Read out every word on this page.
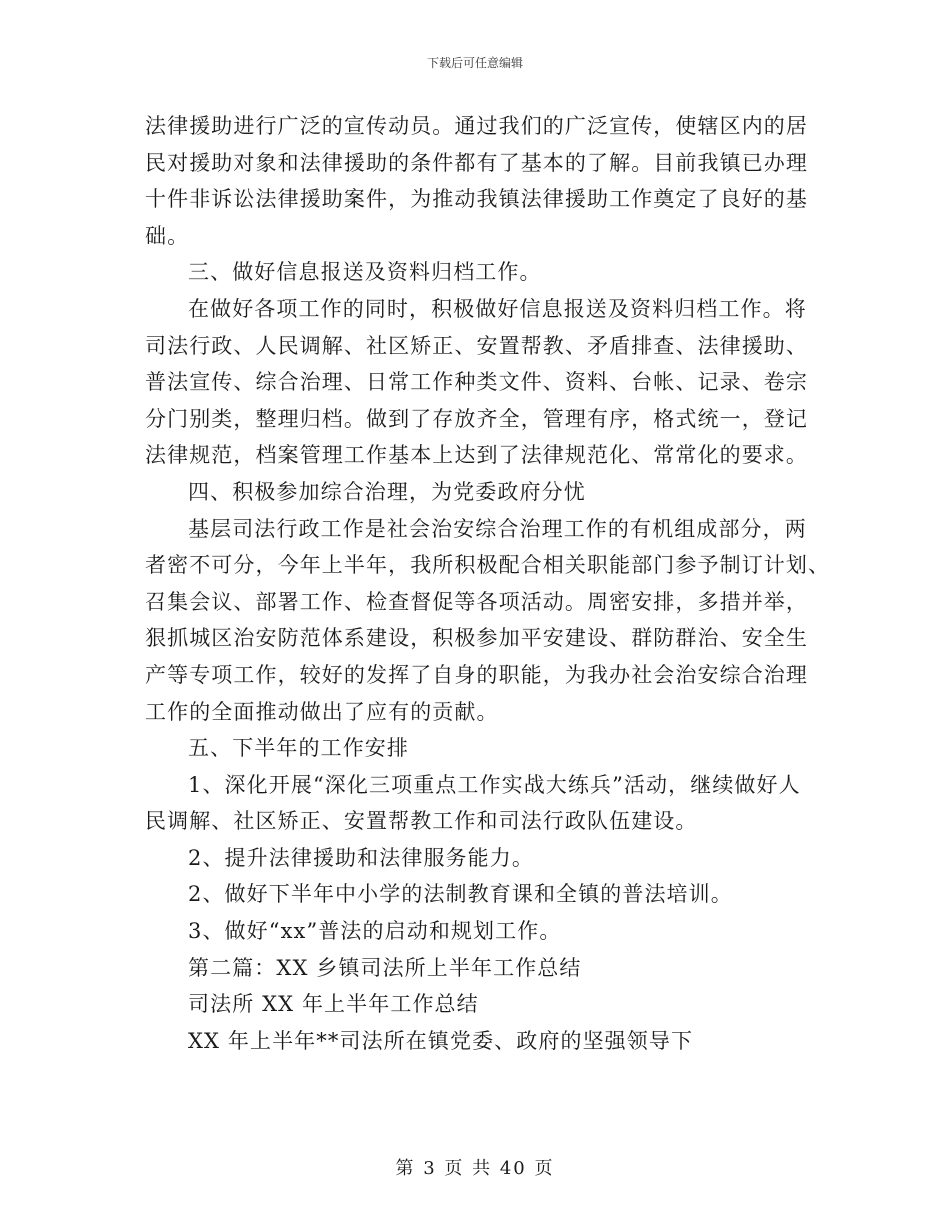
下载后可任意编辑
法律援助进行广泛的宣传动员。通过我们的广泛宣传，使辖区内的居
民对援助对象和法律援助的条件都有了基本的了解。目前我镇已办理
十件非诉讼法律援助案件，为推动我镇法律援助工作奠定了良好的基
础。
三、做好信息报送及资料归档工作。
在做好各项工作的同时，积极做好信息报送及资料归档工作。将
司法行政、人民调解、社区矫正、安置帮教、矛盾排查、法律援助、
普法宣传、综合治理、日常工作种类文件、资料、台帐、记录、卷宗
分门别类，整理归档。做到了存放齐全，管理有序，格式统一，登记
法律规范，档案管理工作基本上达到了法律规范化、常常化的要求。
四、积极参加综合治理，为党委政府分忧
基层司法行政工作是社会治安综合治理工作的有机组成部分，两
者密不可分，今年上半年，我所积极配合相关职能部门参予制订计划、
召集会议、部署工作、检查督促等各项活动。周密安排，多措并举，
狠抓城区治安防范体系建设，积极参加平安建设、群防群治、安全生
产等专项工作，较好的发挥了自身的职能，为我办社会治安综合治理
工作的全面推动做出了应有的贡献。
五、下半年的工作安排
1、深化开展“深化三项重点工作实战大练兵”活动，继续做好人
民调解、社区矫正、安置帮教工作和司法行政队伍建设。
2、提升法律援助和法律服务能力。
2、做好下半年中小学的法制教育课和全镇的普法培训。
3、做好“xx”普法的启动和规划工作。
第二篇：XX 乡镇司法所上半年工作总结
司法所 XX 年上半年工作总结
XX 年上半年**司法所在镇党委、政府的坚强领导下
第 3 页 共 40 页
